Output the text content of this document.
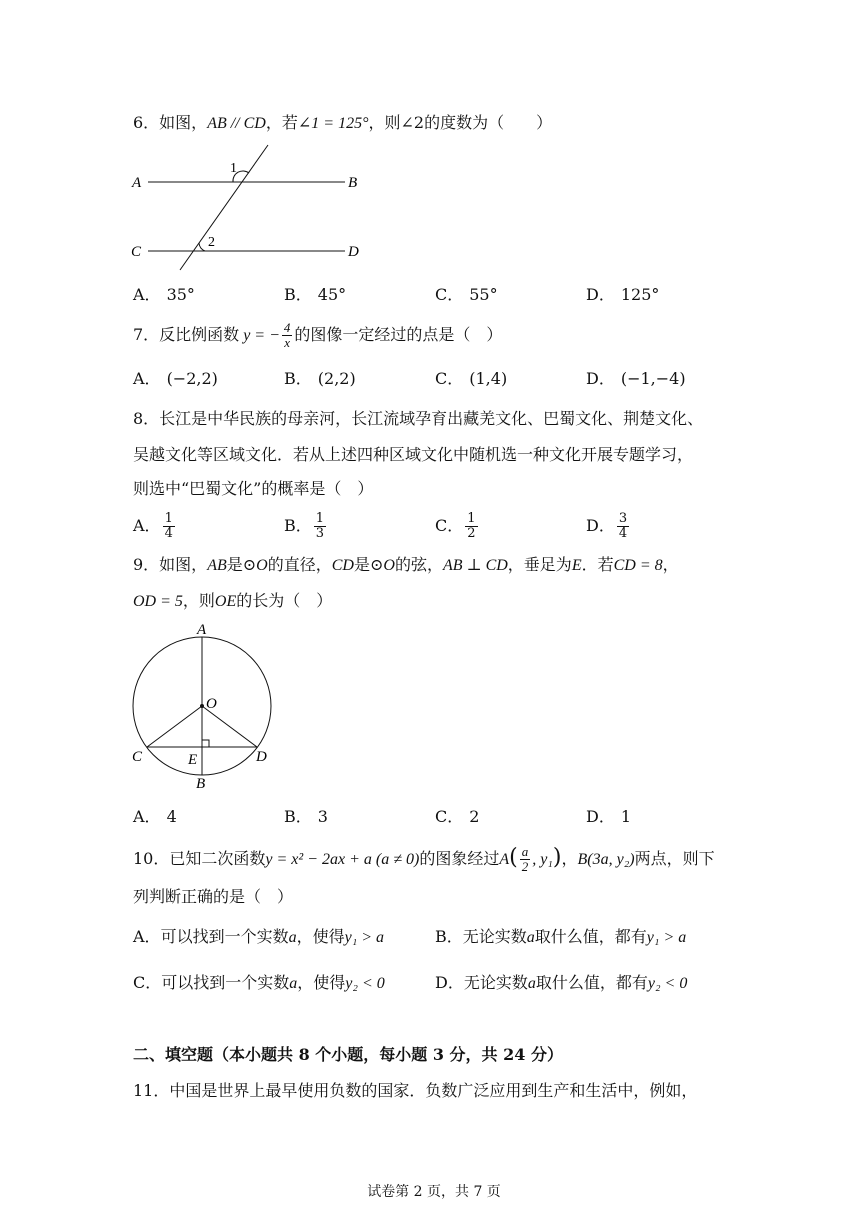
6．如图，AB // CD，若∠1 = 125°，则∠2的度数为（　　）
A	B
C	D
1
2
A． 35°	B． 45°	C． 55°	D． 125°
7．反比例函数 y = − $\frac{4}{x}$ 的图像一定经过的点是（　）
A． (−2,2)	B． (2,2)	C． (1,4)	D． (−1,−4)
8．长江是中华民族的母亲河，长江流域孕育出藏羌文化、巴蜀文化、荆楚文化、
吴越文化等区域文化．若从上述四种区域文化中随机选一种文化开展专题学习，
则选中“巴蜀文化”的概率是（　）
A． $\frac{1}{4}$	B． $\frac{1}{3}$	C． $\frac{1}{2}$	D． $\frac{3}{4}$
9．如图，AB是⊙O的直径，CD是⊙O的弦，AB ⊥ CD，垂足为E．若CD = 8，
OD = 5，则OE的长为（　）
A
O
C	D
E
B
A． 4	B． 3	C． 2	D． 1
10．已知二次函数y = x² − 2ax + a (a ≠ 0)的图象经过$A( \frac{a}{2}$ , y₁)，B(3a, y₂)两点，则下
列判断正确的是（　）
A．可以找到一个实数a，使得y₁ > a	B．无论实数a取什么值，都有y₁ > a
C．可以找到一个实数a，使得y₂ < 0	D．无论实数a取什么值，都有y₂ < 0
二、填空题（本小题共 8 个小题，每小题 3 分，共 24 分）
11．中国是世界上最早使用负数的国家．负数广泛应用到生产和生活中，例如，
试卷第 2 页，共 7 页
